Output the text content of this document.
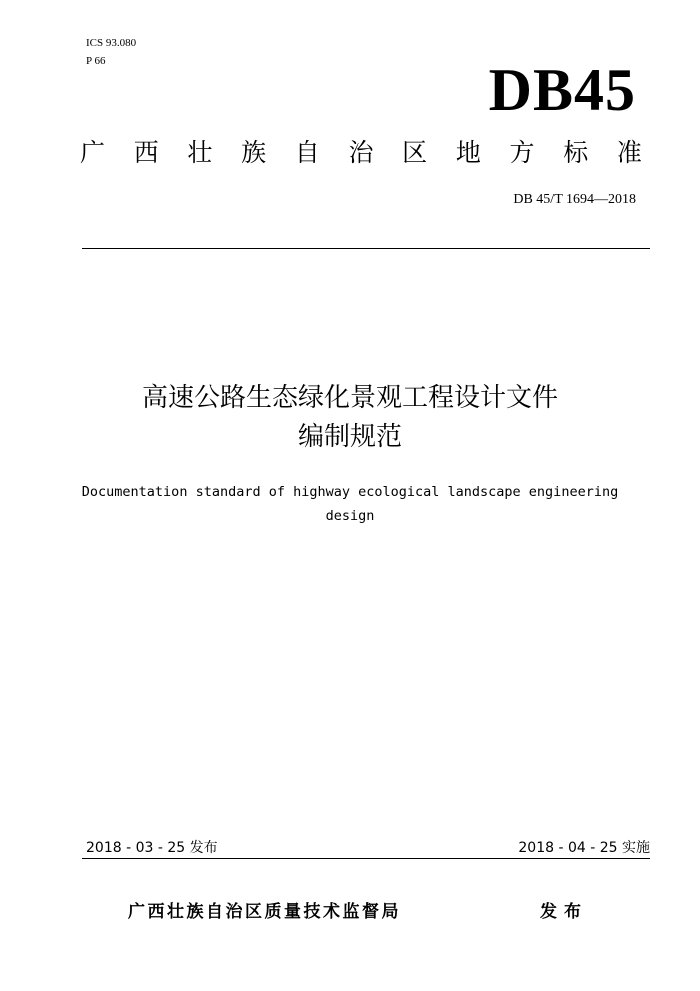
ICS 93.080
P 66	DB45
广 西 壮 族 自 治 区 地 方 标 准
DB 45/T 1694—2018
高速公路生态绿化景观工程设计文件
编制规范
Documentation standard of highway ecological landscape engineering
design
2018 - 03 - 25 发布	2018 - 04 - 25 实施
广西壮族自治区质量技术监督局	发布
